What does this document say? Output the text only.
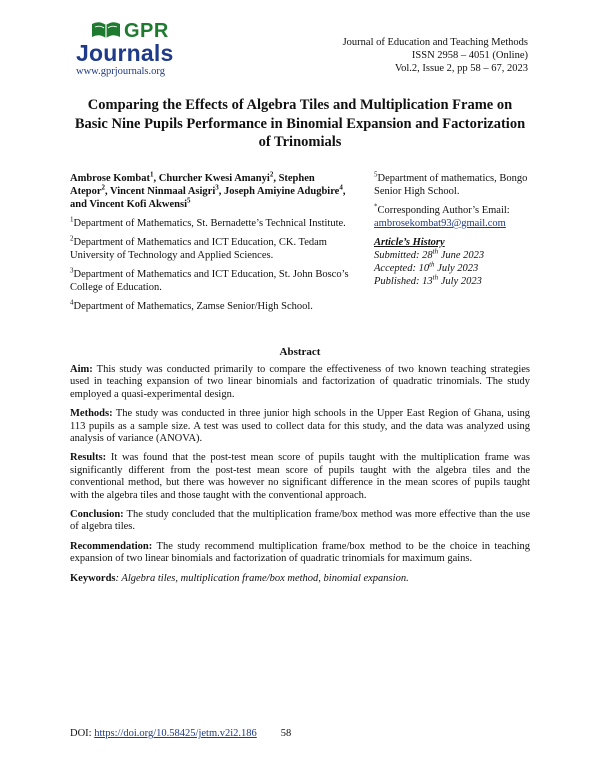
GPR
Journals
www.gprjournals.org
Journal of Education and Teaching Methods
ISSN 2958 – 4051 (Online)
Vol.2, Issue 2, pp 58 – 67, 2023
Comparing the Effects of Algebra Tiles and Multiplication Frame on Basic Nine Pupils Performance in Binomial Expansion and Factorization of Trinomials
Ambrose Kombat$^1$, Churcher Kwesi Amanyi$^2$, Stephen Atepor$^2$, Vincent Ninmaal Asigri$^3$, Joseph Amiyine Adugbire$^4$, and Vincent Kofi Akwensi$^5$
$^1$Department of Mathematics, St. Bernadette’s Technical Institute.
$^2$Department of Mathematics and ICT Education, CK. Tedam University of Technology and Applied Sciences.
$^3$Department of Mathematics and ICT Education, St. John Bosco’s College of Education.
$^4$Department of Mathematics, Zamse Senior/High School.
$^5$Department of mathematics, Bongo Senior High School.
*Corresponding Author’s Email:
ambrosekombat93@gmail.com
Article’s History
Submitted: 28th June 2023
Accepted: 10th July 2023
Published: 13th July 2023
Abstract

Aim: This study was conducted primarily to compare the effectiveness of two known teaching strategies used in teaching expansion of two linear binomials and factorization of quadratic trinomials. The study employed a quasi-experimental design.

Methods: The study was conducted in three junior high schools in the Upper East Region of Ghana, using 113 pupils as a sample size. A test was used to collect data for this study, and the data was analyzed using analysis of variance (ANOVA).

Results: It was found that the post-test mean score of pupils taught with the multiplication frame was significantly different from the post-test mean score of pupils taught with the algebra tiles and the conventional method, but there was however no significant difference in the mean scores of pupils taught with the algebra tiles and those taught with the conventional approach.

Conclusion: The study concluded that the multiplication frame/box method was more effective than the use of algebra tiles.

Recommendation: The study recommend multiplication frame/box method to be the choice in teaching expansion of two linear binomials and factorization of quadratic trinomials for maximum gains.

Keywords: Algebra tiles, multiplication frame/box method, binomial expansion.

DOI: https://doi.org/10.58425/jetm.v2i2.186 58
